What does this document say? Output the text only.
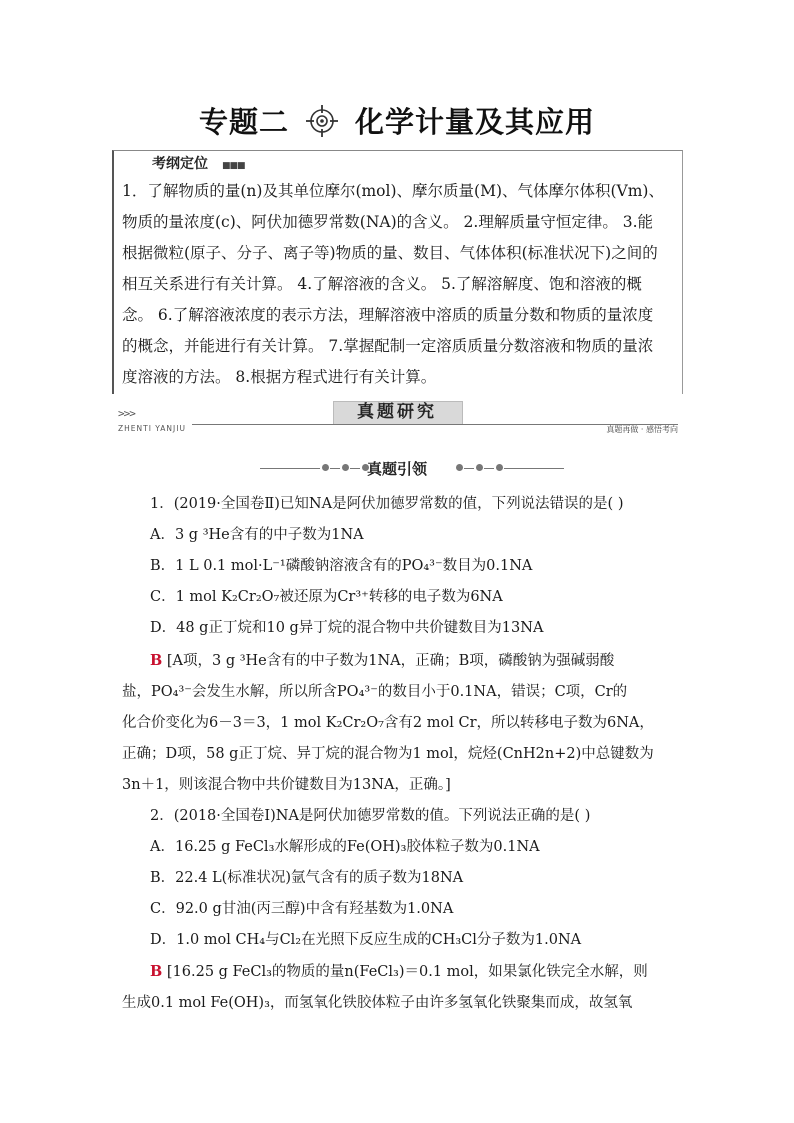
专题二 化学计量及其应用
考纲定位 ■■■
1．了解物质的量(n)及其单位摩尔(mol)、摩尔质量(M)、气体摩尔体积(Vm)、
物质的量浓度(c)、阿伏加德罗常数(NA)的含义。 2.理解质量守恒定律。 3.能
根据微粒(原子、分子、离子等)物质的量、数目、气体体积(标准状况下)之间的
相互关系进行有关计算。 4.了解溶液的含义。 5.了解溶解度、饱和溶液的概
念。 6.了解溶液浓度的表示方法，理解溶液中溶质的质量分数和物质的量浓度
的概念，并能进行有关计算。 7.掌握配制一定溶质质量分数溶液和物质的量浓
度溶液的方法。 8.根据方程式进行有关计算。
>>>
ZHENTI YANJIU
真题研究
真题再做 · 感悟考向
真题引领
1．(2019·全国卷Ⅱ)已知NA是阿伏加德罗常数的值，下列说法错误的是( )
A．3 g ³He含有的中子数为1NA
B．1 L 0.1 mol·L⁻¹磷酸钠溶液含有的PO₄³⁻数目为0.1NA
C．1 mol K₂Cr₂O₇被还原为Cr³⁺转移的电子数为6NA
D．48 g正丁烷和10 g异丁烷的混合物中共价键数目为13NA
B [A项，3 g ³He含有的中子数为1NA，正确；B项，磷酸钠为强碱弱酸
盐，PO₄³⁻会发生水解，所以所含PO₄³⁻的数目小于0.1NA，错误；C项，Cr的
化合价变化为6－3＝3，1 mol K₂Cr₂O₇含有2 mol Cr，所以转移电子数为6NA，
正确；D项，58 g正丁烷、异丁烷的混合物为1 mol，烷烃(CnH2n+2)中总键数为
3n＋1，则该混合物中共价键数目为13NA，正确。]
2．(2018·全国卷Ⅰ)NA是阿伏加德罗常数的值。下列说法正确的是( )
A．16.25 g FeCl₃水解形成的Fe(OH)₃胶体粒子数为0.1NA
B．22.4 L(标准状况)氩气含有的质子数为18NA
C．92.0 g甘油(丙三醇)中含有羟基数为1.0NA
D．1.0 mol CH₄与Cl₂在光照下反应生成的CH₃Cl分子数为1.0NA
B [16.25 g FeCl₃的物质的量n(FeCl₃)＝0.1 mol，如果氯化铁完全水解，则
生成0.1 mol Fe(OH)₃，而氢氧化铁胶体粒子由许多氢氧化铁聚集而成，故氢氧
